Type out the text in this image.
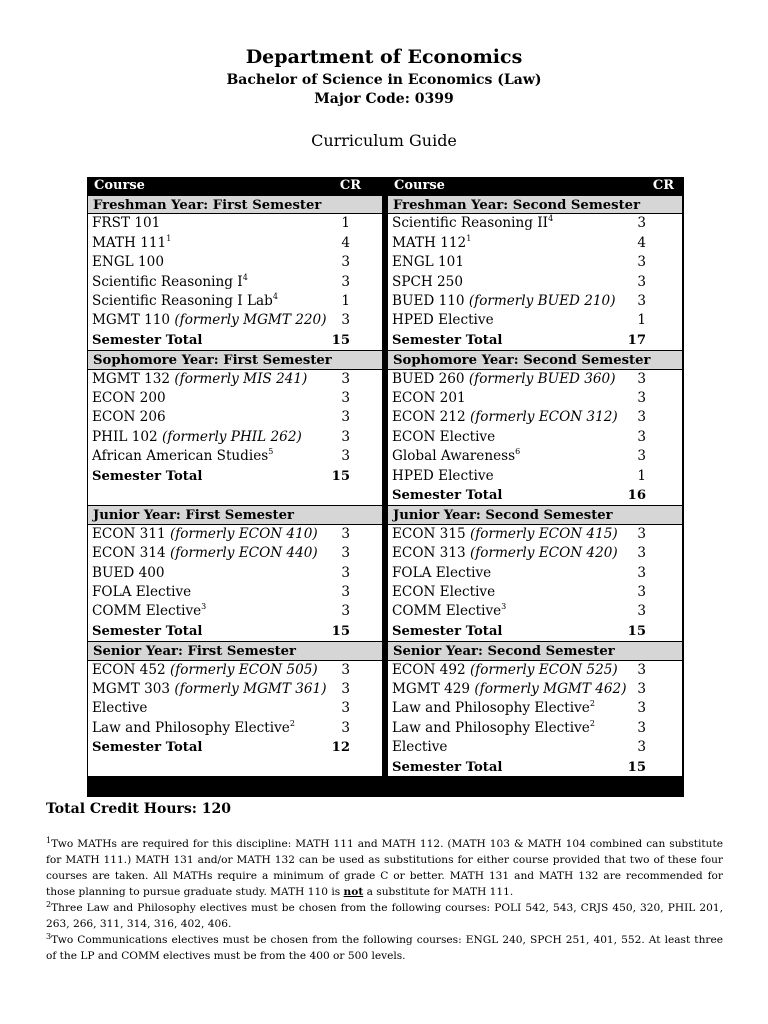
Department of Economics
Bachelor of Science in Economics (Law)
Major Code: 0399
Curriculum Guide
Course	CR	Course	CR
Freshman Year: First Semester
FRST 101	1
MATH $111^1$	4
ENGL 100	3
Scientific Reasoning $I^4$	3
Scientific Reasoning I Lab$^4$	1
MGMT 110 (formerly MGMT 220) 3
Semester Total	15
Sophomore Year: First Semester
MGMT 132 (formerly MIS 241)	3
ECON 200	3
ECON 206	3
PHIL 102 (formerly PHIL 262)	3
African American Studies$^5$	3
Semester Total	15
Junior Year: First Semester
ECON 311 (formerly ECON 410) 3
ECON 314 (formerly ECON 440) 3
BUED 400	3
FOLA Elective	3
COMM Elective$^3$	3
Semester Total	15
Senior Year: First Semester
ECON 452 (formerly ECON 505) 3
MGMT 303 (formerly MGMT 361) 3
Elective	3
Law and Philosophy Elective$^2$	3
Semester Total	12
Freshman Year: Second Semester
Scientific Reasoning $II^4$	3
MATH $112^1$	4
ENGL 101	3
SPCH 250	3
BUED 110 (formerly BUED 210) 3
HPED Elective	1
Semester Total	17
Sophomore Year: Second Semester
BUED 260 (formerly BUED 360) 3
ECON 201	3
ECON 212 (formerly ECON 312) 3
ECON Elective	3
Global Awareness$^6$	3
HPED Elective	1
Semester Total	16
Junior Year: Second Semester
ECON 315 (formerly ECON 415) 3
ECON 313 (formerly ECON 420) 3
FOLA Elective	3
ECON Elective	3
COMM Elective$^3$	3
Semester Total	15
Senior Year: Second Semester
ECON 492 (formerly ECON 525) 3
MGMT 429 (formerly MGMT 462) 3
Law and Philosophy Elective$^2$	3
Law and Philosophy Elective$^2$	3
Elective	3
Semester Total	15
Total Credit Hours: 120

$^1$Two MATHs are required for this discipline: MATH 111 and MATH 112. (MATH 103 & MATH 104 combined can substitute for MATH 111.) MATH 131 and/or MATH 132 can be used as substitutions for either course provided that two of these four courses are taken. All MATHs require a minimum of grade C or better. MATH 131 and MATH 132 are recommended for those planning to pursue graduate study. MATH 110 is not a substitute for MATH 111.

$^2$Three Law and Philosophy electives must be chosen from the following courses: POLI 542, 543, CRJS 450, 320, PHIL 201, 263, 266, 311, 314, 316, 402, 406.

$^3$Two Communications electives must be chosen from the following courses: ENGL 240, SPCH 251, 401, 552. At least three of the LP and COMM electives must be from the 400 or 500 levels.
